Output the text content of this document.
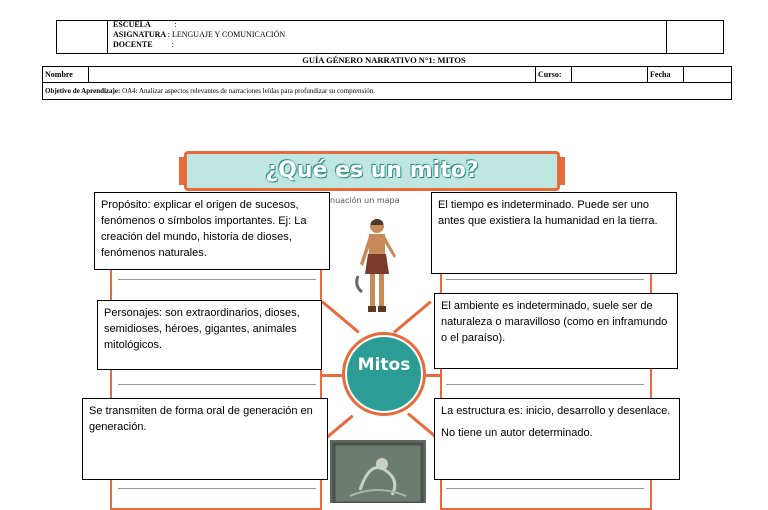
ESCUELA	:
ASIGNATURA : LENGUAJE Y COMUNICACIÓN
DOCENTE :
GUÍA GÉNERO NARRATIVO N°1: MITOS
Nombre	Curso:	Fecha
Objetivo de Aprendizaje: OA4: Analizar aspectos relevantes de narraciones leídas para profundizar su comprensión.
¿Qué es un mito?
nuación un mapa
Mitos

Propósito: explicar el origen de sucesos, fenómenos o símbolos importantes. Ej: La creación del mundo, historia de dioses, fenómenos naturales.

El tiempo es indeterminado. Puede ser uno antes que existiera la humanidad en la tierra.

Personajes: son extraordinarios, dioses, semidioses, héroes, gigantes, animales mitológicos.

El ambiente es indeterminado, suele ser de naturaleza o maravilloso (como en inframundo o el paraíso).

Se transmiten de forma oral de generación en generación.

La estructura es: inicio, desarrollo y desenlace.

No tiene un autor determinado.
